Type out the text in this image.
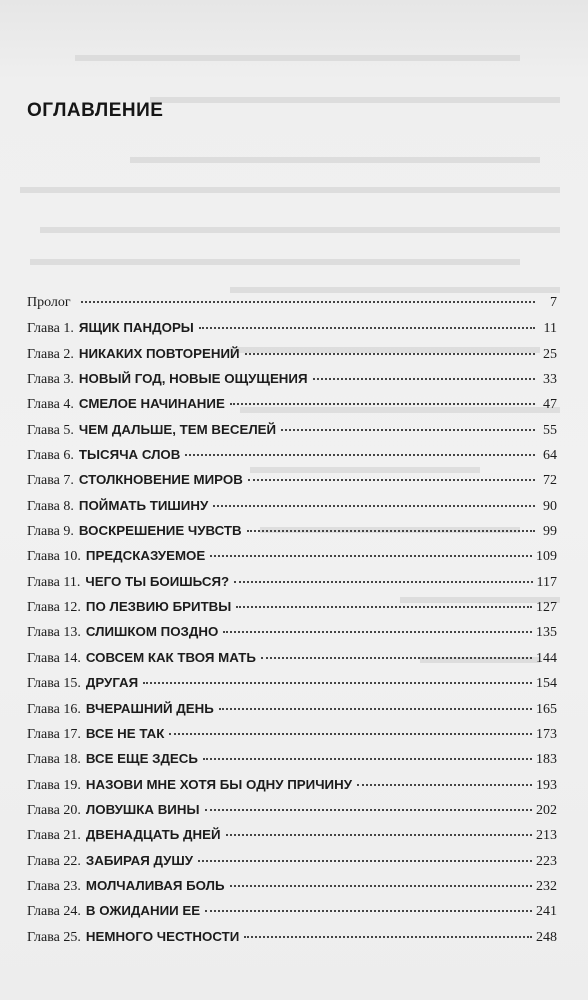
ОГЛАВЛЕНИЕ
Пролог	7
Глава 1. ЯЩИК ПАНДОРЫ	11
Глава 2. НИКАКИХ ПОВТОРЕНИЙ	25
Глава 3. НОВЫЙ ГОД, НОВЫЕ ОЩУЩЕНИЯ	33
Глава 4. СМЕЛОЕ НАЧИНАНИЕ	47
Глава 5. ЧЕМ ДАЛЬШЕ, ТЕМ ВЕСЕЛЕЙ	55
Глава 6. ТЫСЯЧА СЛОВ	64
Глава 7. СТОЛКНОВЕНИЕ МИРОВ	72
Глава 8. ПОЙМАТЬ ТИШИНУ	90
Глава 9. ВОСКРЕШЕНИЕ ЧУВСТВ	99
Глава 10. ПРЕДСКАЗУЕМОЕ	109
Глава 11. ЧЕГО ТЫ БОИШЬСЯ?	117
Глава 12. ПО ЛЕЗВИЮ БРИТВЫ	127
Глава 13. СЛИШКОМ ПОЗДНО	135
Глава 14. СОВСЕМ КАК ТВОЯ МАТЬ	144
Глава 15. ДРУГАЯ	154
Глава 16. ВЧЕРАШНИЙ ДЕНЬ	165
Глава 17. ВСЕ НЕ ТАК	173
Глава 18. ВСЕ ЕЩЕ ЗДЕСЬ	183
Глава 19. НАЗОВИ МНЕ ХОТЯ БЫ ОДНУ ПРИЧИНУ	193
Глава 20. ЛОВУШКА ВИНЫ	202
Глава 21. ДВЕНАДЦАТЬ ДНЕЙ	213
Глава 22. ЗАБИРАЯ ДУШУ	223
Глава 23. МОЛЧАЛИВАЯ БОЛЬ	232
Глава 24. В ОЖИДАНИИ ЕЕ	241
Глава 25. НЕМНОГО ЧЕСТНОСТИ	248
